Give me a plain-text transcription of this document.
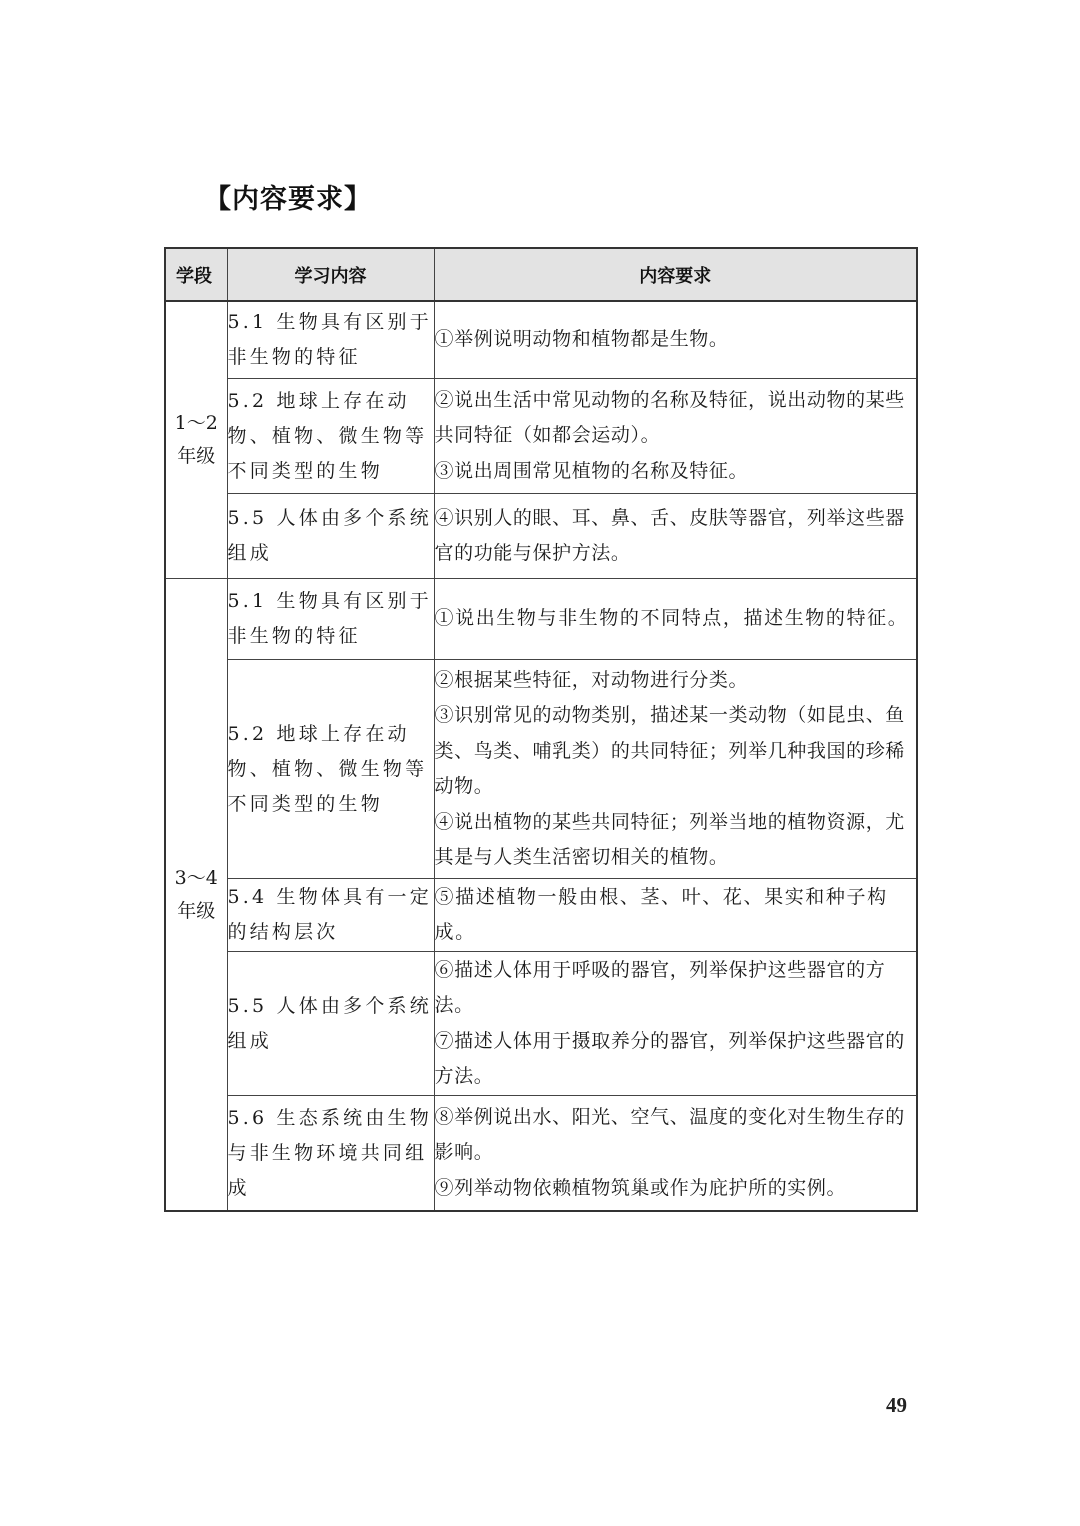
【内容要求】
学段	学习内容	内容要求

1～2
年级	5.1 生物具有区别于非生物的特征	①举例说明动物和植物都是生物。

	5.2 地球上存在动物、植物、微生物等不同类型的生物	②说出生活中常见动物的名称及特征，说出动物的某些共同特征（如都会运动）。
③说出周围常见植物的名称及特征。

	5.5 人体由多个系统组成	④识别人的眼、耳、鼻、舌、皮肤等器官，列举这些器官的功能与保护方法。

3～4
年级	5.1 生物具有区别于非生物的特征	①说出生物与非生物的不同特点，描述生物的特征。

	5.2 地球上存在动物、植物、微生物等不同类型的生物	②根据某些特征，对动物进行分类。
③识别常见的动物类别，描述某一类动物（如昆虫、鱼类、鸟类、哺乳类）的共同特征；列举几种我国的珍稀动物。
④说出植物的某些共同特征；列举当地的植物资源，尤其是与人类生活密切相关的植物。

	5.4 生物体具有一定的结构层次	⑤描述植物一般由根、茎、叶、花、果实和种子构成。

	5.5 人体由多个系统组成	⑥描述人体用于呼吸的器官，列举保护这些器官的方法。
⑦描述人体用于摄取养分的器官，列举保护这些器官的方法。

	5.6 生态系统由生物与非生物环境共同组成	⑧举例说出水、阳光、空气、温度的变化对生物生存的影响。
⑨列举动物依赖植物筑巢或作为庇护所的实例。
49
